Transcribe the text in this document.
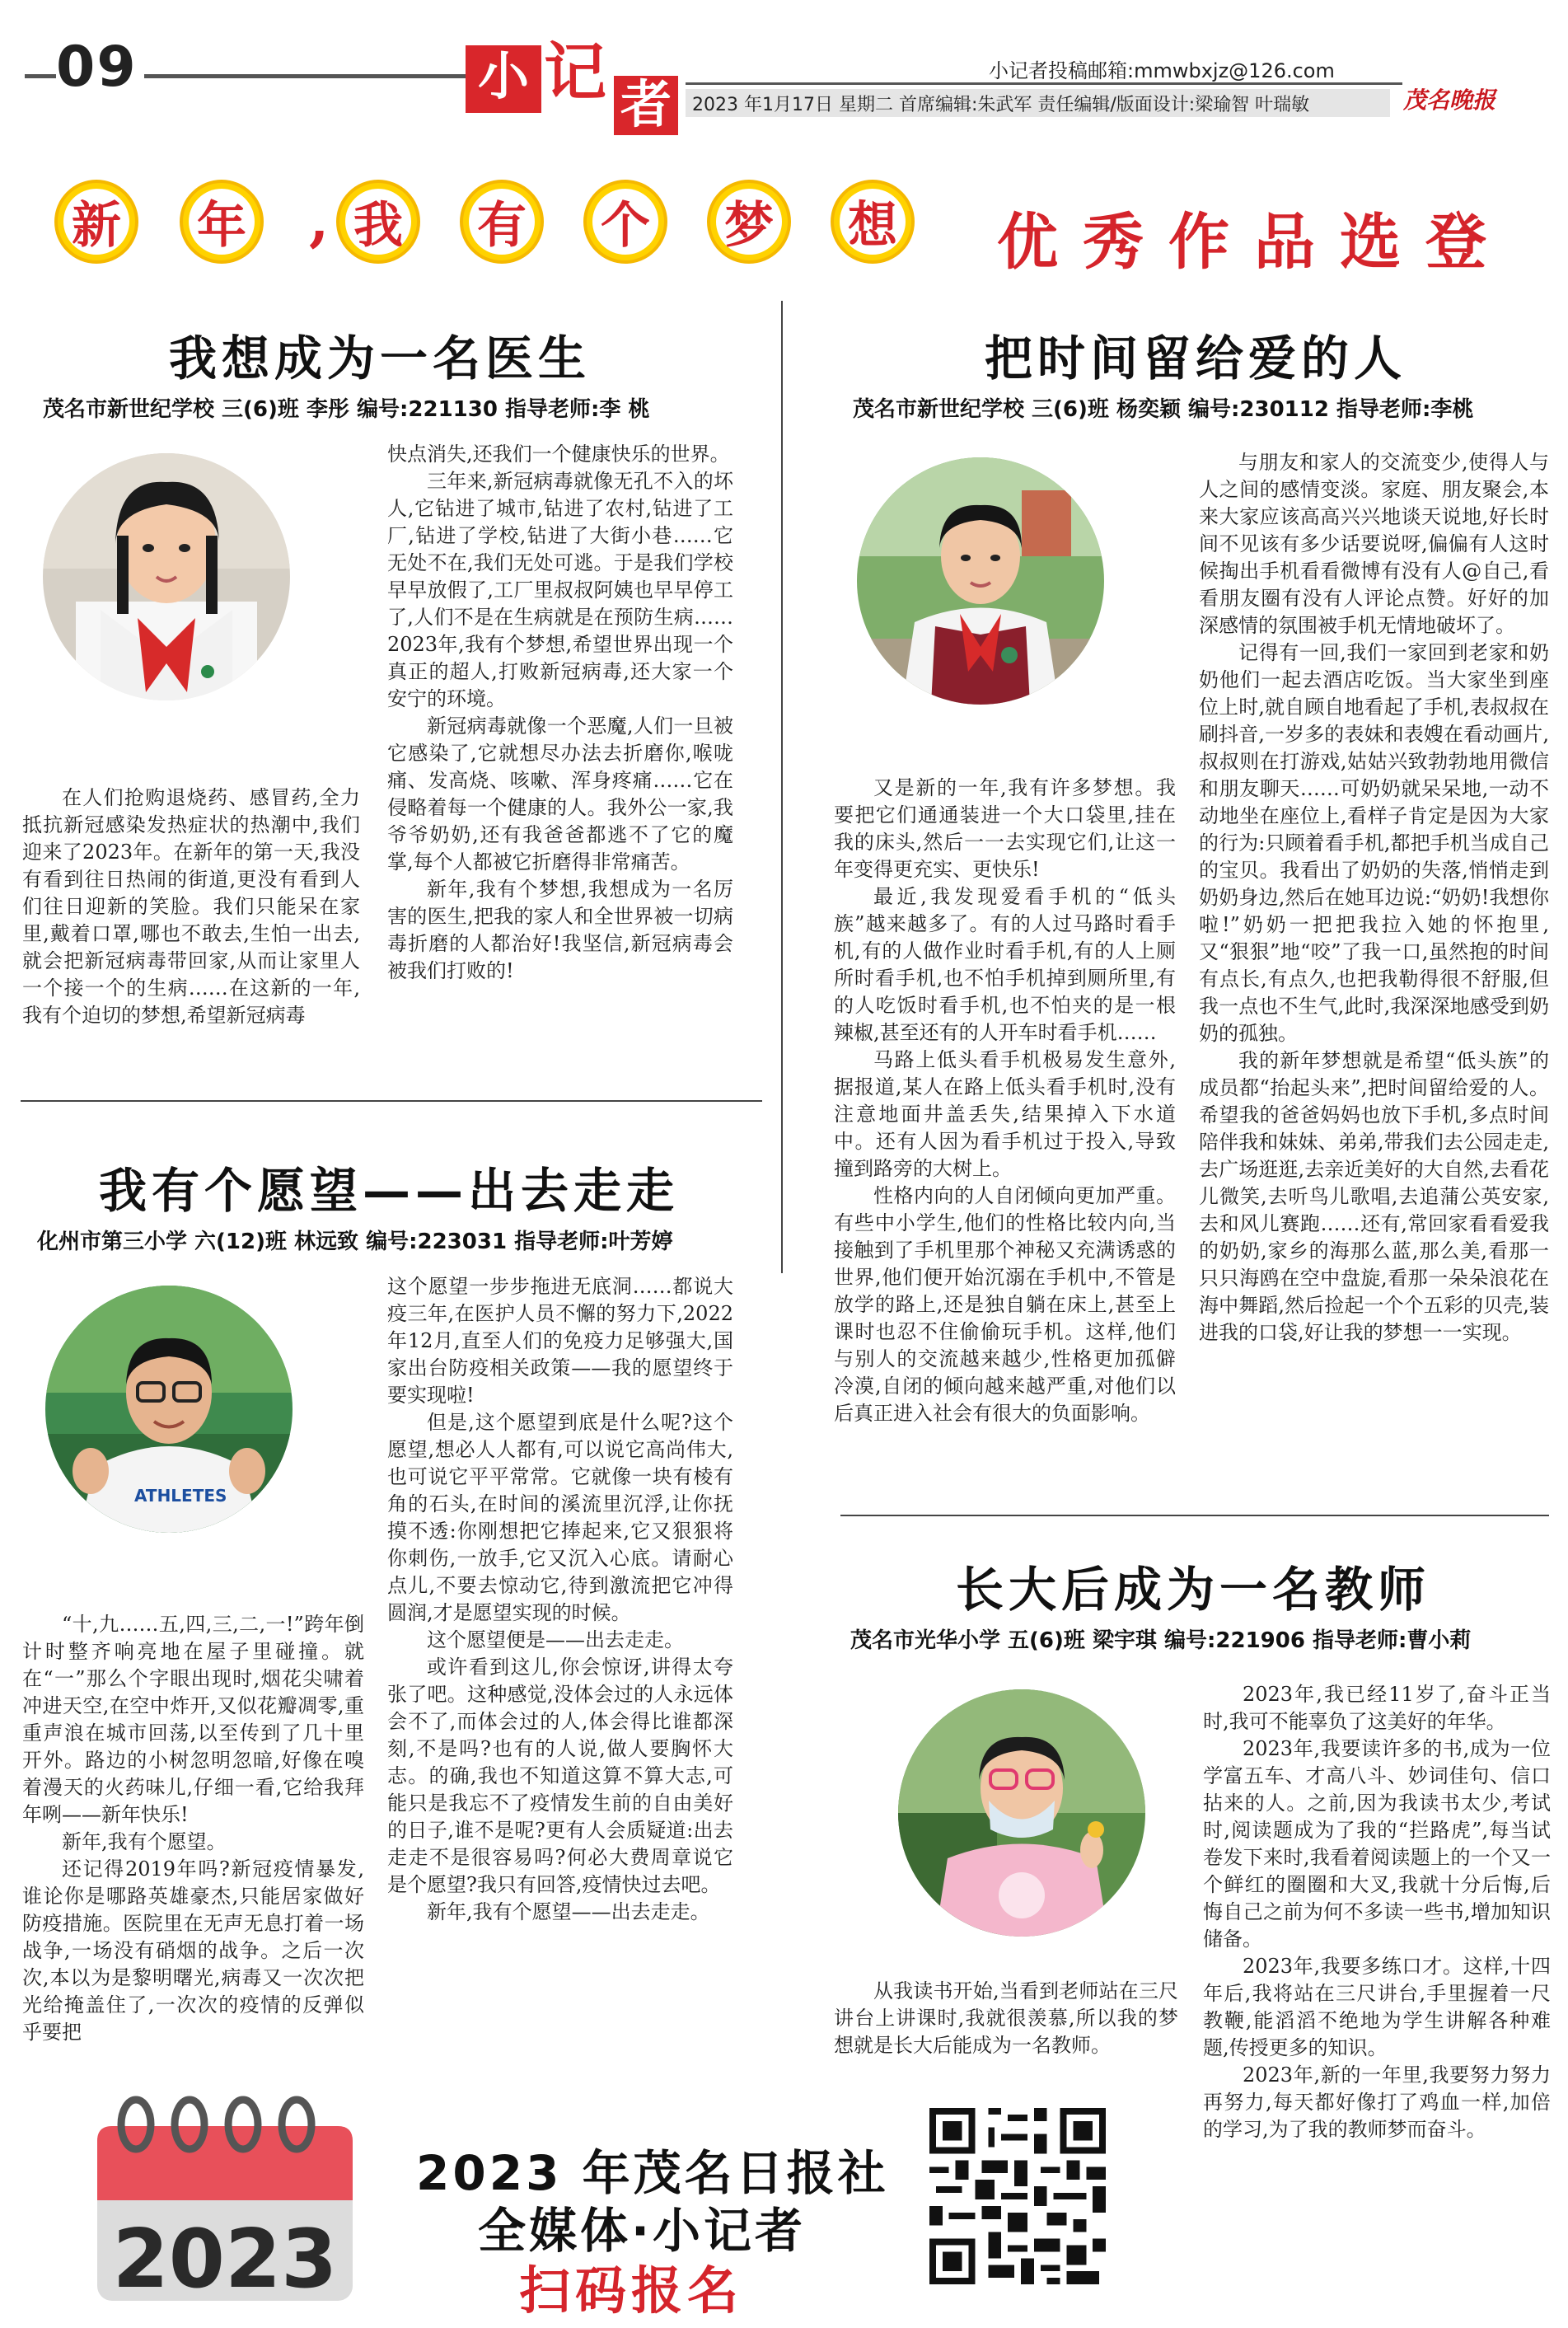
09	小 记 者
小记者投稿邮箱:mmwbxjz@126.com
2023 年1月17日 星期二 首席编辑:朱武军 责任编辑/版面设计:梁瑜智 叶瑞敏	茂名晚报
新 年 , 我 有 个 梦 想 优秀作品选登
我想成为一名医生
茂名市新世纪学校 三(6)班 李彤 编号:221130 指导老师:李 桃

在人们抢购退烧药、感冒药,全力抵抗新冠感染发热症状的热潮中,我们迎来了2023年。在新年的第一天,我没有看到往日热闹的街道,更没有看到人们往日迎新的笑脸。我们只能呆在家里,戴着口罩,哪也不敢去,生怕一出去,就会把新冠病毒带回家,从而让家里人一个接一个的生病……在这新的一年,我有个迫切的梦想,希望新冠病毒

快点消失,还我们一个健康快乐的世界。

三年来,新冠病毒就像无孔不入的坏人,它钻进了城市,钻进了农村,钻进了工厂,钻进了学校,钻进了大街小巷……它无处不在,我们无处可逃。于是我们学校早早放假了,工厂里叔叔阿姨也早早停工了,人们不是在生病就是在预防生病……2023年,我有个梦想,希望世界出现一个真正的超人,打败新冠病毒,还大家一个安宁的环境。

新冠病毒就像一个恶魔,人们一旦被它感染了,它就想尽办法去折磨你,喉咙痛、发高烧、咳嗽、浑身疼痛……它在侵略着每一个健康的人。我外公一家,我爷爷奶奶,还有我爸爸都逃不了它的魔掌,每个人都被它折磨得非常痛苦。

新年,我有个梦想,我想成为一名厉害的医生,把我的家人和全世界被一切病毒折磨的人都治好!我坚信,新冠病毒会被我们打败的!

我有个愿望——出去走走
化州市第三小学 六(12)班 林远致 编号:223031 指导老师:叶芳婷
ATHLETES

“十,九……五,四,三,二,一!”跨年倒计时整齐响亮地在屋子里碰撞。就在“一”那么个字眼出现时,烟花尖啸着冲进天空,在空中炸开,又似花瓣凋零,重重声浪在城市回荡,以至传到了几十里开外。路边的小树忽明忽暗,好像在嗅着漫天的火药味儿,仔细一看,它给我拜年咧——新年快乐!

新年,我有个愿望。

还记得2019年吗?新冠疫情暴发,谁论你是哪路英雄豪杰,只能居家做好防疫措施。医院里在无声无息打着一场战争,一场没有硝烟的战争。之后一次次,本以为是黎明曙光,病毒又一次次把光给掩盖住了,一次次的疫情的反弹似乎要把

这个愿望一步步拖进无底洞……都说大疫三年,在医护人员不懈的努力下,2022年12月,直至人们的免疫力足够强大,国家出台防疫相关政策——我的愿望终于要实现啦!

但是,这个愿望到底是什么呢?这个愿望,想必人人都有,可以说它高尚伟大,也可说它平平常常。它就像一块有棱有角的石头,在时间的溪流里沉浮,让你抚摸不透:你刚想把它捧起来,它又狠狠将你刺伤,一放手,它又沉入心底。请耐心点儿,不要去惊动它,待到激流把它冲得圆润,才是愿望实现的时候。

这个愿望便是——出去走走。

或许看到这儿,你会惊讶,讲得太夸张了吧。这种感觉,没体会过的人永远体会不了,而体会过的人,体会得比谁都深刻,不是吗?也有的人说,做人要胸怀大志。的确,我也不知道这算不算大志,可能只是我忘不了疫情发生前的自由美好的日子,谁不是呢?更有人会质疑道:出去走走不是很容易吗?何必大费周章说它是个愿望?我只有回答,疫情快过去吧。

新年,我有个愿望——出去走走。

把时间留给爱的人
茂名市新世纪学校 三(6)班 杨奕颖 编号:230112 指导老师:李桃

又是新的一年,我有许多梦想。我要把它们通通装进一个大口袋里,挂在我的床头,然后一一去实现它们,让这一年变得更充实、更快乐!

最近,我发现爱看手机的“低头族”越来越多了。有的人过马路时看手机,有的人做作业时看手机,有的人上厕所时看手机,也不怕手机掉到厕所里,有的人吃饭时看手机,也不怕夹的是一根辣椒,甚至还有的人开车时看手机……

马路上低头看手机极易发生意外,据报道,某人在路上低头看手机时,没有注意地面井盖丢失,结果掉入下水道中。还有人因为看手机过于投入,导致撞到路旁的大树上。

性格内向的人自闭倾向更加严重。有些中小学生,他们的性格比较内向,当接触到了手机里那个神秘又充满诱惑的世界,他们便开始沉溺在手机中,不管是放学的路上,还是独自躺在床上,甚至上课时也忍不住偷偷玩手机。这样,他们与别人的交流越来越少,性格更加孤僻冷漠,自闭的倾向越来越严重,对他们以后真正进入社会有很大的负面影响。

与朋友和家人的交流变少,使得人与人之间的感情变淡。家庭、朋友聚会,本来大家应该高高兴兴地谈天说地,好长时间不见该有多少话要说呀,偏偏有人这时候掏出手机看看微博有没有人@自己,看看朋友圈有没有人评论点赞。好好的加深感情的氛围被手机无情地破坏了。

记得有一回,我们一家回到老家和奶奶他们一起去酒店吃饭。当大家坐到座位上时,就自顾自地看起了手机,表叔叔在刷抖音,一岁多的表妹和表嫂在看动画片,叔叔则在打游戏,姑姑兴致勃勃地用微信和朋友聊天……可奶奶就呆呆地,一动不动地坐在座位上,看样子肯定是因为大家的行为:只顾着看手机,都把手机当成自己的宝贝。我看出了奶奶的失落,悄悄走到奶奶身边,然后在她耳边说:“奶奶!我想你啦!”奶奶一把把我拉入她的怀抱里,又“狠狠”地“咬”了我一口,虽然抱的时间有点长,有点久,也把我勒得很不舒服,但我一点也不生气,此时,我深深地感受到奶奶的孤独。

我的新年梦想就是希望“低头族”的成员都“抬起头来”,把时间留给爱的人。希望我的爸爸妈妈也放下手机,多点时间陪伴我和妹妹、弟弟,带我们去公园走走,去广场逛逛,去亲近美好的大自然,去看花儿微笑,去听鸟儿歌唱,去追蒲公英安家,去和风儿赛跑……还有,常回家看看爱我的奶奶,家乡的海那么蓝,那么美,看那一只只海鸥在空中盘旋,看那一朵朵浪花在海中舞蹈,然后捡起一个个五彩的贝壳,装进我的口袋,好让我的梦想一一实现。

长大后成为一名教师
茂名市光华小学 五(6)班 梁宇琪 编号:221906 指导老师:曹小莉

从我读书开始,当看到老师站在三尺讲台上讲课时,我就很羡慕,所以我的梦想就是长大后能成为一名教师。

2023年,我已经11岁了,奋斗正当时,我可不能辜负了这美好的年华。

2023年,我要读许多的书,成为一位学富五车、才高八斗、妙词佳句、信口拈来的人。之前,因为我读书太少,考试时,阅读题成为了我的“拦路虎”,每当试卷发下来时,我看着阅读题上的一个又一个鲜红的圈圈和大叉,我就十分后悔,后悔自己之前为何不多读一些书,增加知识储备。

2023年,我要多练口才。这样,十四年后,我将站在三尺讲台,手里握着一尺教鞭,能滔滔不绝地为学生讲解各种难题,传授更多的知识。

2023年,新的一年里,我要努力努力再努力,每天都好像打了鸡血一样,加倍的学习,为了我的教师梦而奋斗。

2023
2023 年茂名日报社
全媒体·小记者
扫码报名
